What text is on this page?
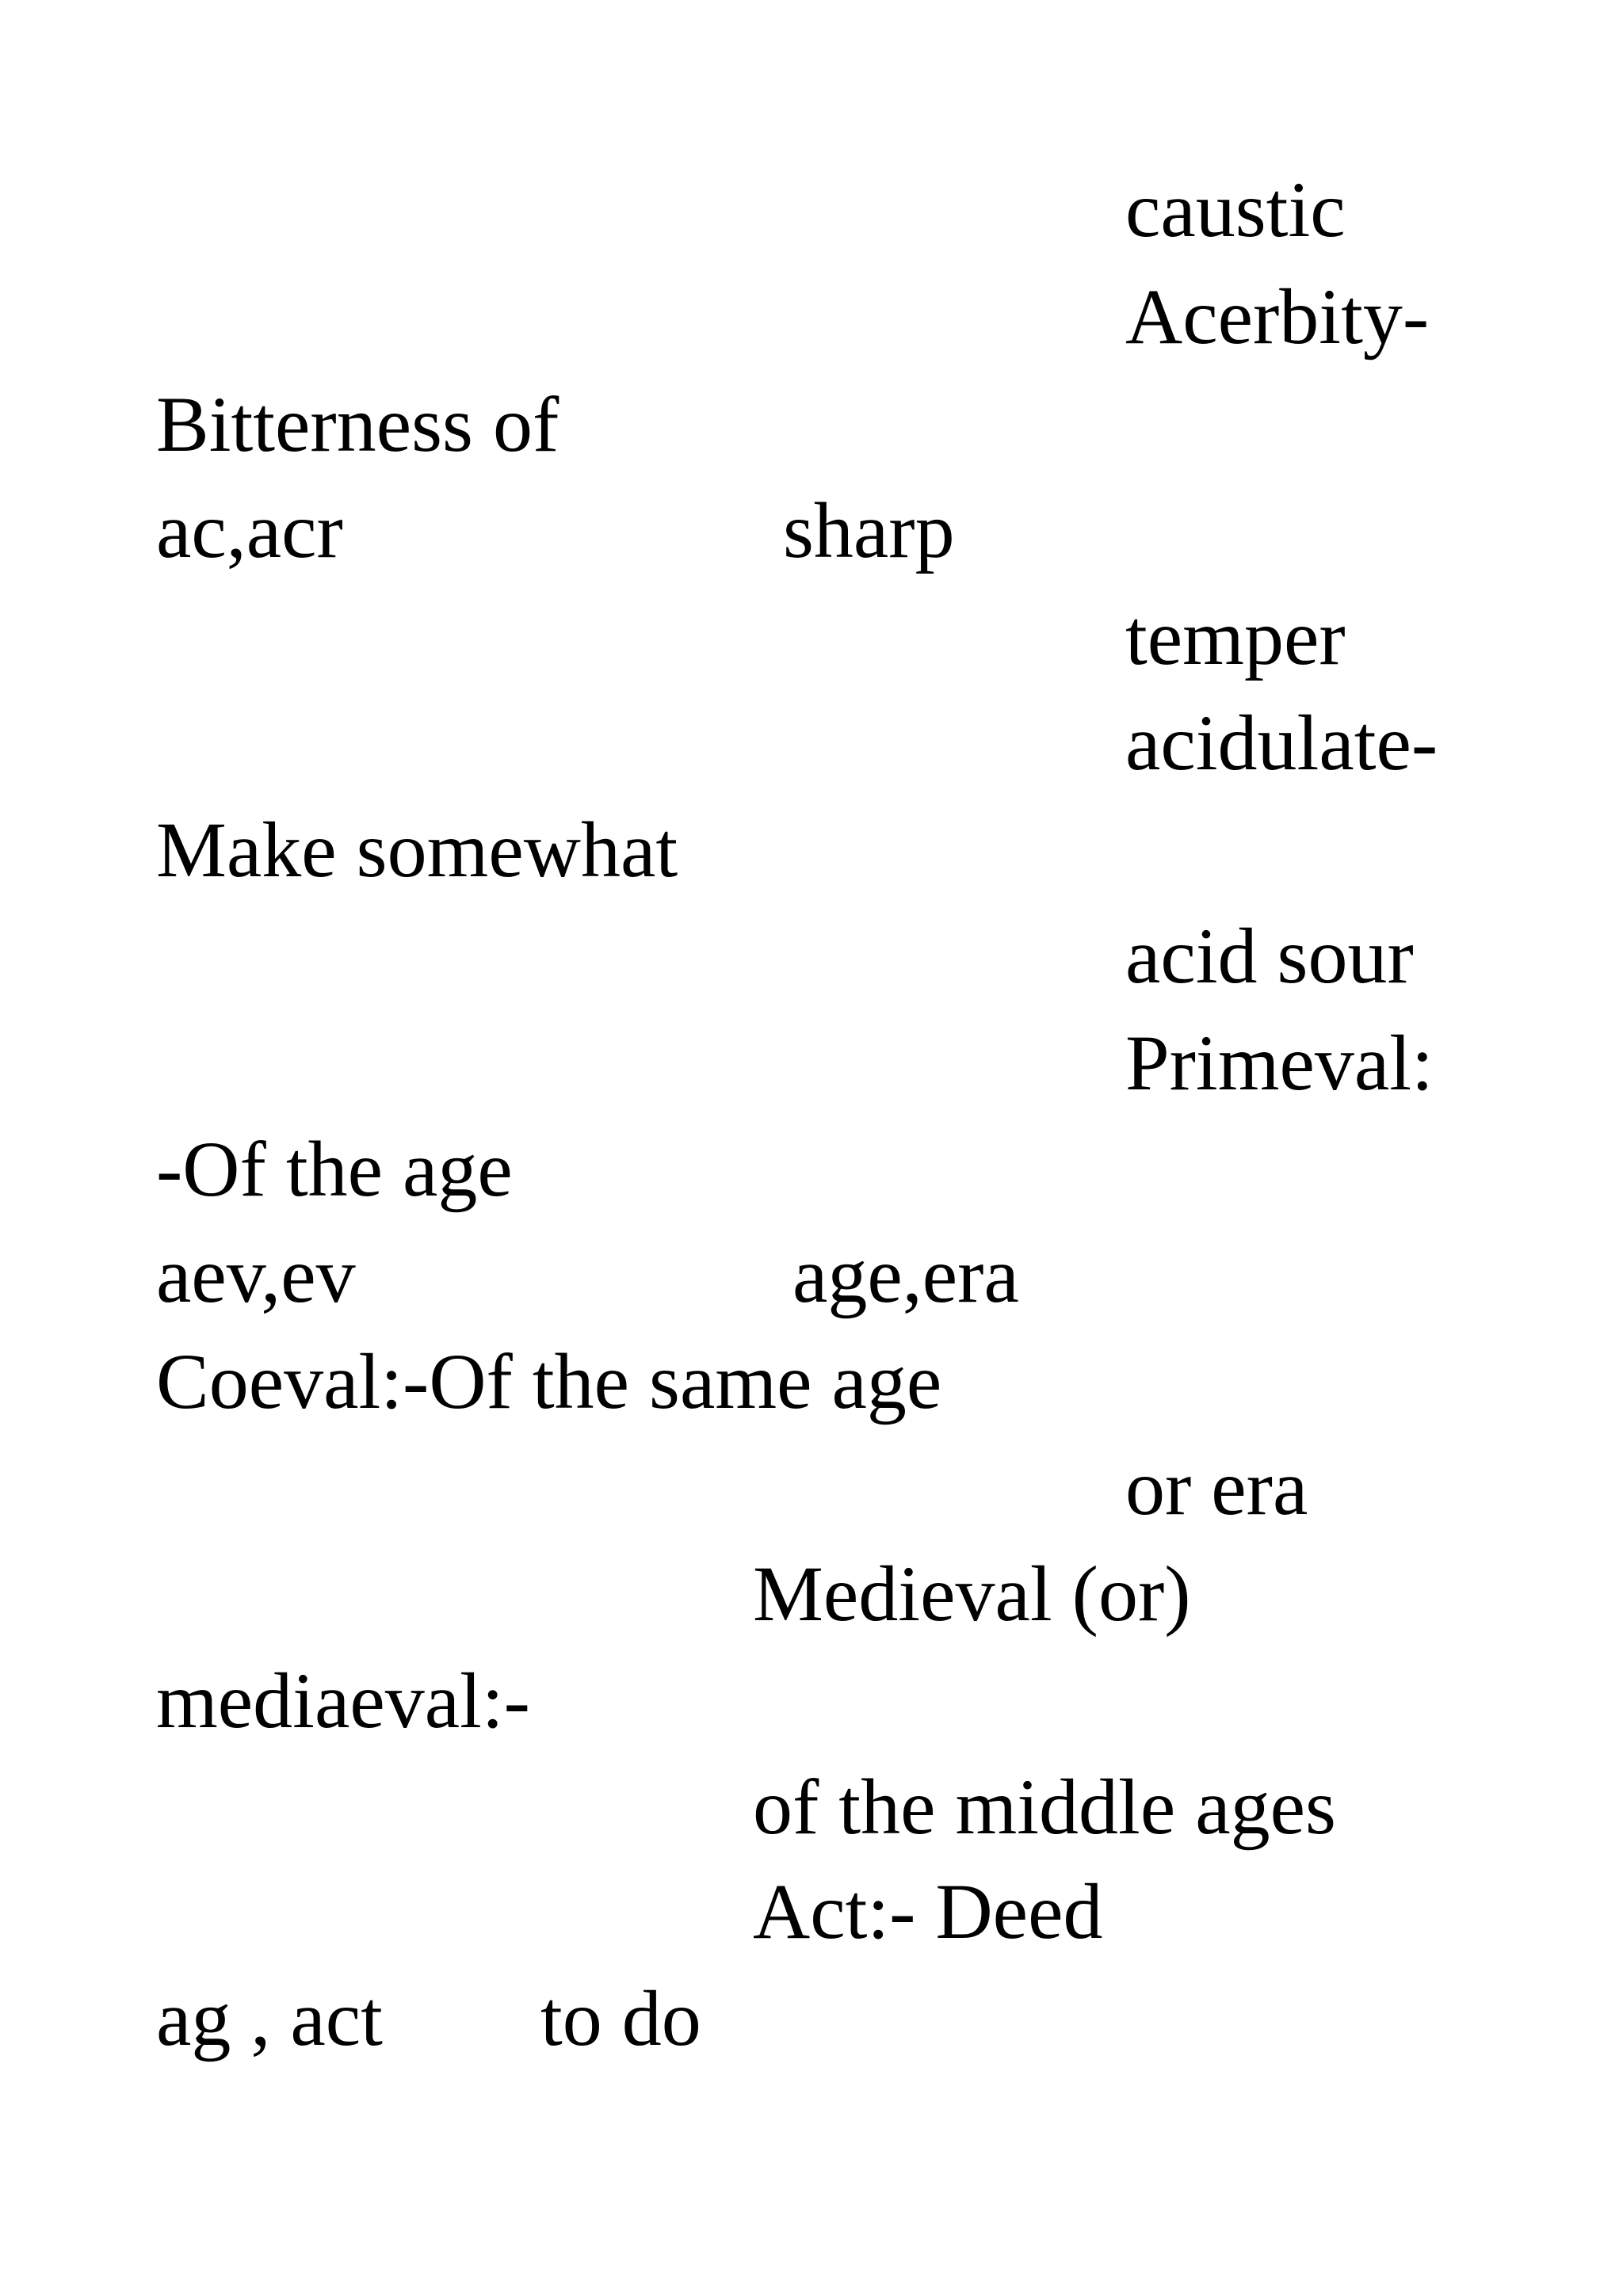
caustic
Acerbity-
Bitterness of
ac,acr	sharp
temper
acidulate-
Make somewhat
acid sour
Primeval:
-Of the age
aev,ev	age,era
Coeval:-Of the same age
or era
Medieval (or)
mediaeval:-
of the middle ages
Act:- Deed
ag , act to do
